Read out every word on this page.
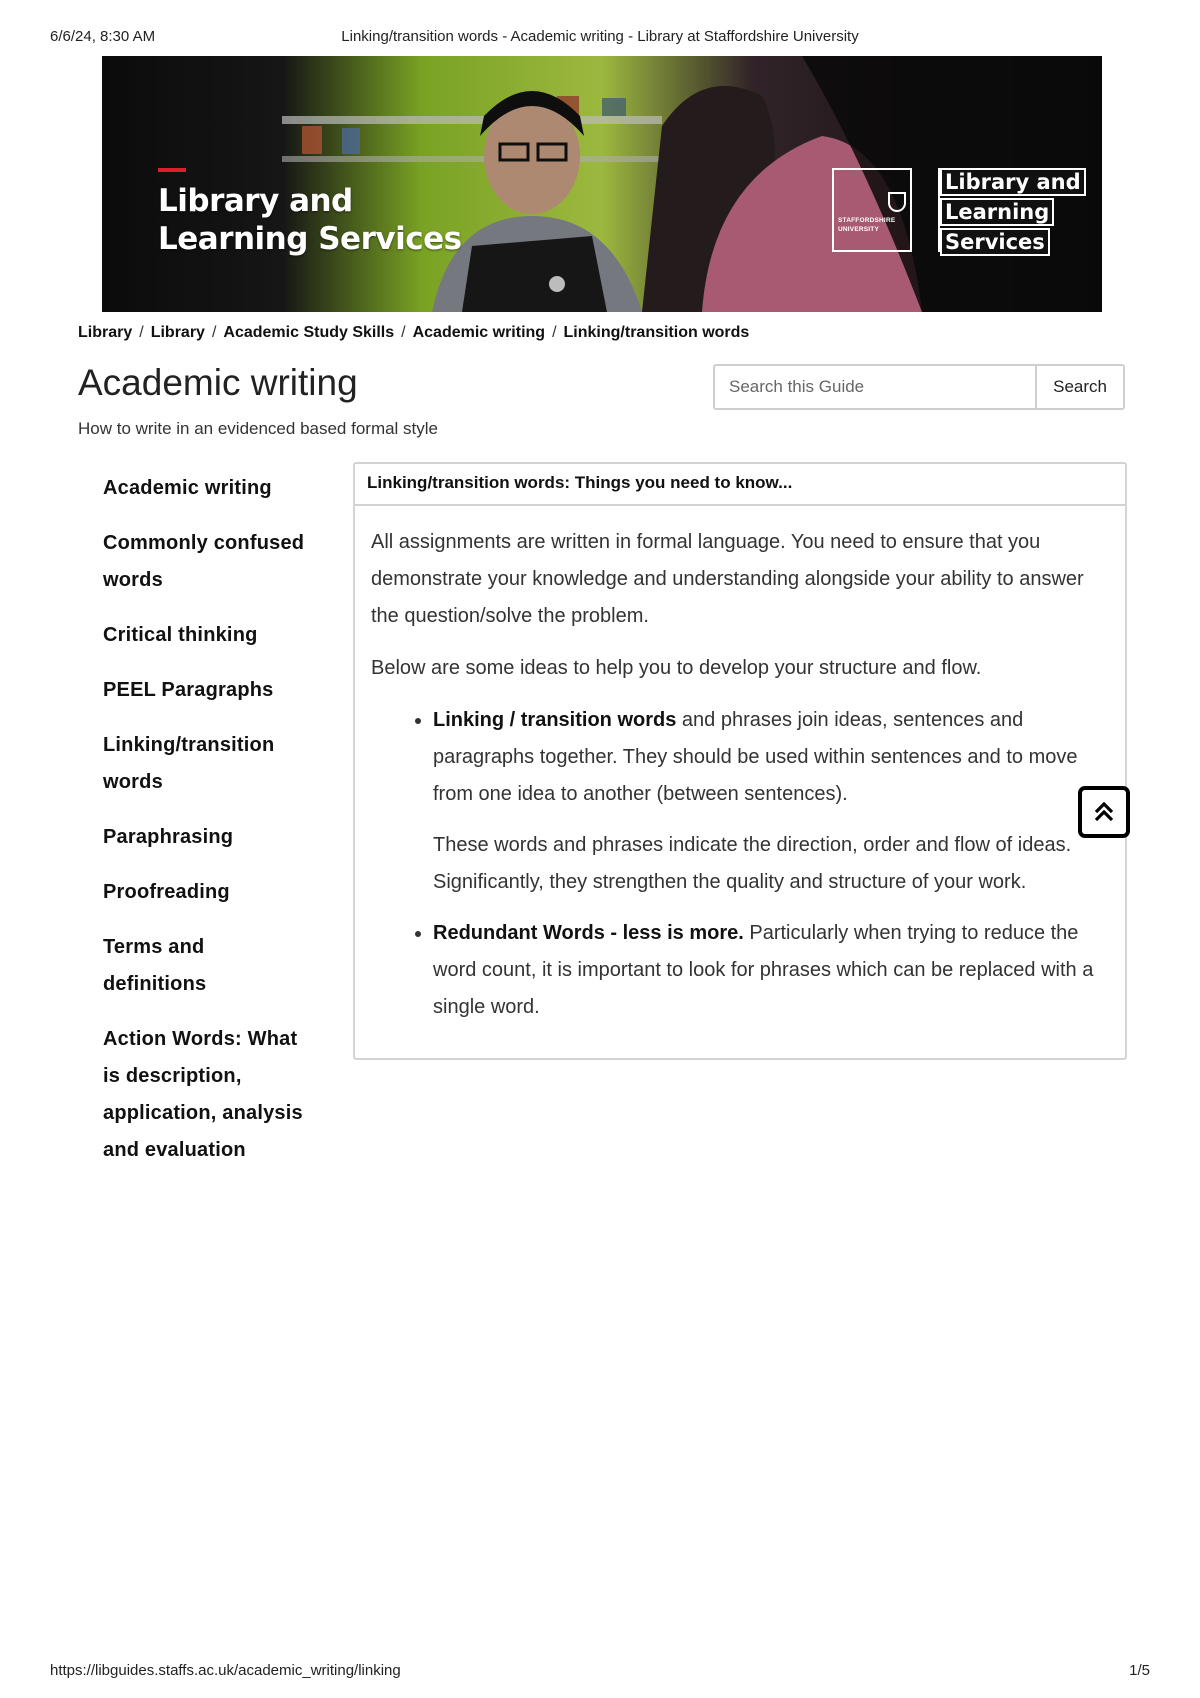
6/6/24, 8:30 AM	Linking/transition words - Academic writing - Library at Staffordshire University
Library and
Learning Services
STAFFORDSHIRE UNIVERSITY
Library and
Learning
Services
Library / Library / Academic Study Skills / Academic writing / Linking/transition words
Academic writing
How to write in an evidenced based formal style
Search this Guide
Search
Academic writing
Commonly confused words
Critical thinking
PEEL Paragraphs
Linking/transition words
Paraphrasing
Proofreading
Terms and definitions
Action Words: What is description, application, analysis and evaluation
Linking/transition words: Things you need to know...

All assignments are written in formal language. You need to ensure that you demonstrate your knowledge and understanding alongside your ability to answer the question/solve the problem.

Below are some ideas to help you to develop your structure and flow.

• Linking / transition words and phrases join ideas, sentences and paragraphs together. They should be used within sentences and to move from one idea to another (between sentences).

These words and phrases indicate the direction, order and flow of ideas. Significantly, they strengthen the quality and structure of your work.

• Redundant Words - less is more. Particularly when trying to reduce the word count, it is important to look for phrases which can be replaced with a single word.
https://libguides.staffs.ac.uk/academic_writing/linking	1/5
